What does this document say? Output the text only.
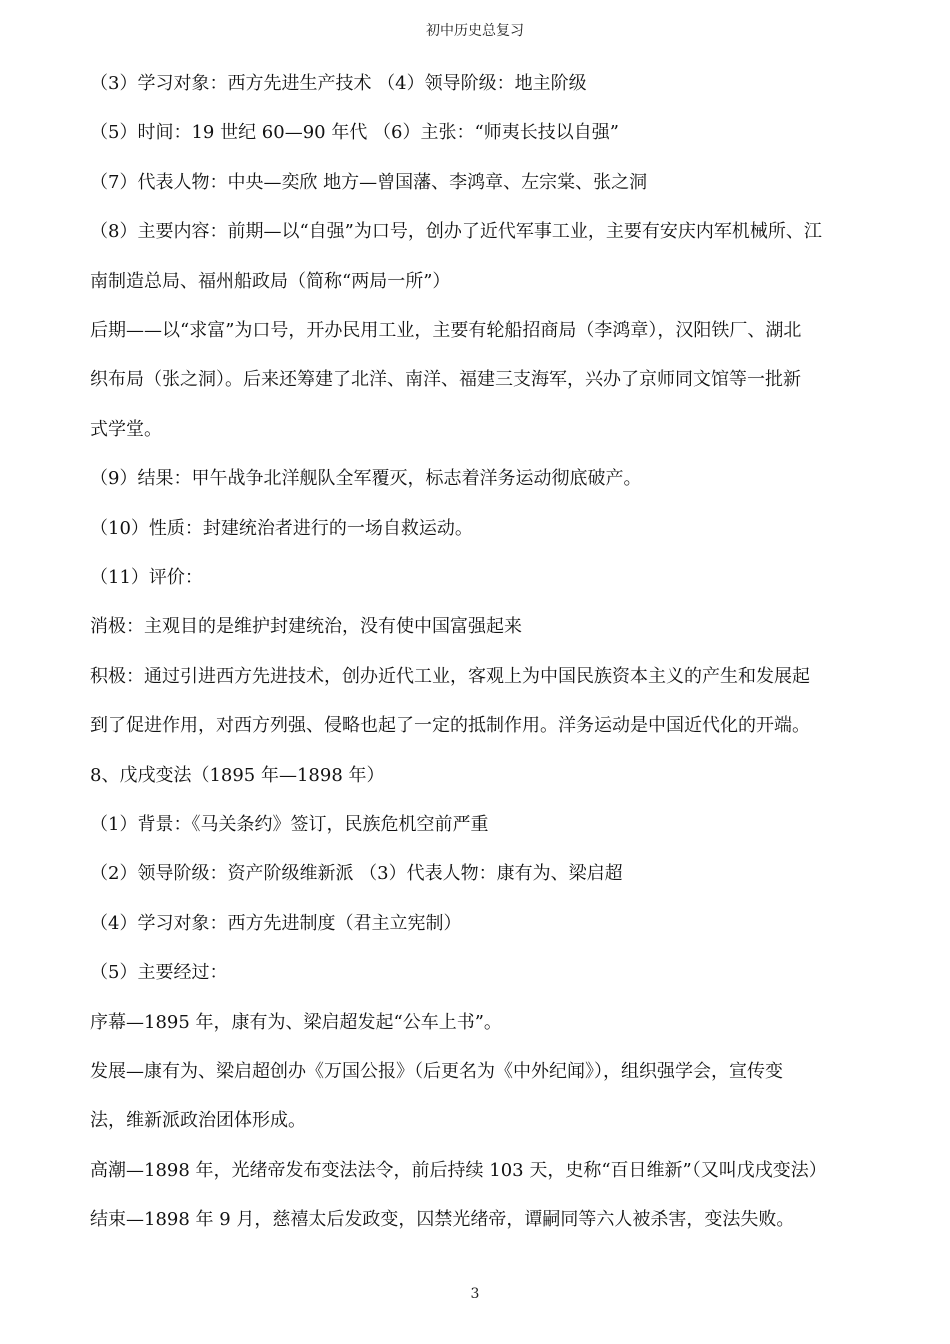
初中历史总复习

（3）学习对象：西方先进生产技术 （4）领导阶级：地主阶级

（5）时间：19 世纪 60—90 年代 （6）主张：“师夷长技以自强”

（7）代表人物：中央—奕欣 地方—曾国藩、李鸿章、左宗棠、张之洞

（8）主要内容：前期—以“自强”为口号，创办了近代军事工业，主要有安庆内军机械所、江

南制造总局、福州船政局（简称“两局一所”）

后期——以“求富”为口号，开办民用工业，主要有轮船招商局（李鸿章），汉阳铁厂、湖北

织布局（张之洞）。后来还筹建了北洋、南洋、福建三支海军，兴办了京师同文馆等一批新

式学堂。

（9）结果：甲午战争北洋舰队全军覆灭，标志着洋务运动彻底破产。

（10）性质：封建统治者进行的一场自救运动。

（11）评价：

消极：主观目的是维护封建统治，没有使中国富强起来

积极：通过引进西方先进技术，创办近代工业，客观上为中国民族资本主义的产生和发展起

到了促进作用，对西方列强、侵略也起了一定的抵制作用。洋务运动是中国近代化的开端。

8、戊戌变法（1895 年—1898 年）

（1）背景：《马关条约》签订，民族危机空前严重

（2）领导阶级：资产阶级维新派 （3）代表人物：康有为、梁启超

（4）学习对象：西方先进制度（君主立宪制）

（5）主要经过：

序幕—1895 年，康有为、梁启超发起“公车上书”。

发展—康有为、梁启超创办《万国公报》（后更名为《中外纪闻》），组织强学会，宣传变

法，维新派政治团体形成。

高潮—1898 年，光绪帝发布变法法令，前后持续 103 天，史称“百日维新”（又叫戊戌变法）

结束—1898 年 9 月，慈禧太后发政变，囚禁光绪帝，谭嗣同等六人被杀害，变法失败。

3
